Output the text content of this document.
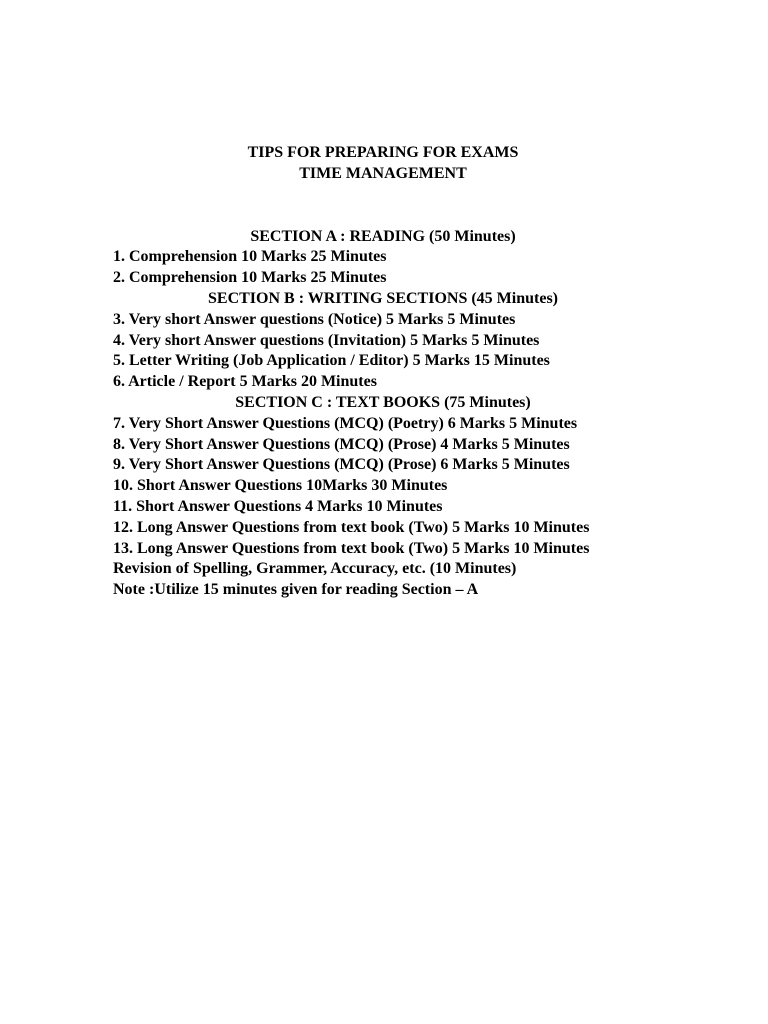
TIPS FOR PREPARING FOR EXAMS
TIME MANAGEMENT
SECTION A : READING (50 Minutes)
1. Comprehension 10 Marks 25 Minutes
2. Comprehension 10 Marks 25 Minutes
SECTION B : WRITING SECTIONS (45 Minutes)
3. Very short Answer questions (Notice) 5 Marks 5 Minutes
4. Very short Answer questions (Invitation) 5 Marks 5 Minutes
5. Letter Writing (Job Application / Editor) 5 Marks 15 Minutes
6. Article / Report 5 Marks 20 Minutes
SECTION C : TEXT BOOKS (75 Minutes)
7. Very Short Answer Questions (MCQ) (Poetry) 6 Marks 5 Minutes
8. Very Short Answer Questions (MCQ) (Prose) 4 Marks 5 Minutes
9. Very Short Answer Questions (MCQ) (Prose) 6 Marks 5 Minutes
10. Short Answer Questions 10Marks 30 Minutes
11. Short Answer Questions 4 Marks 10 Minutes
12. Long Answer Questions from text book (Two) 5 Marks 10 Minutes
13. Long Answer Questions from text book (Two) 5 Marks 10 Minutes
Revision of Spelling, Grammer, Accuracy, etc. (10 Minutes)
Note :Utilize 15 minutes given for reading Section – A
